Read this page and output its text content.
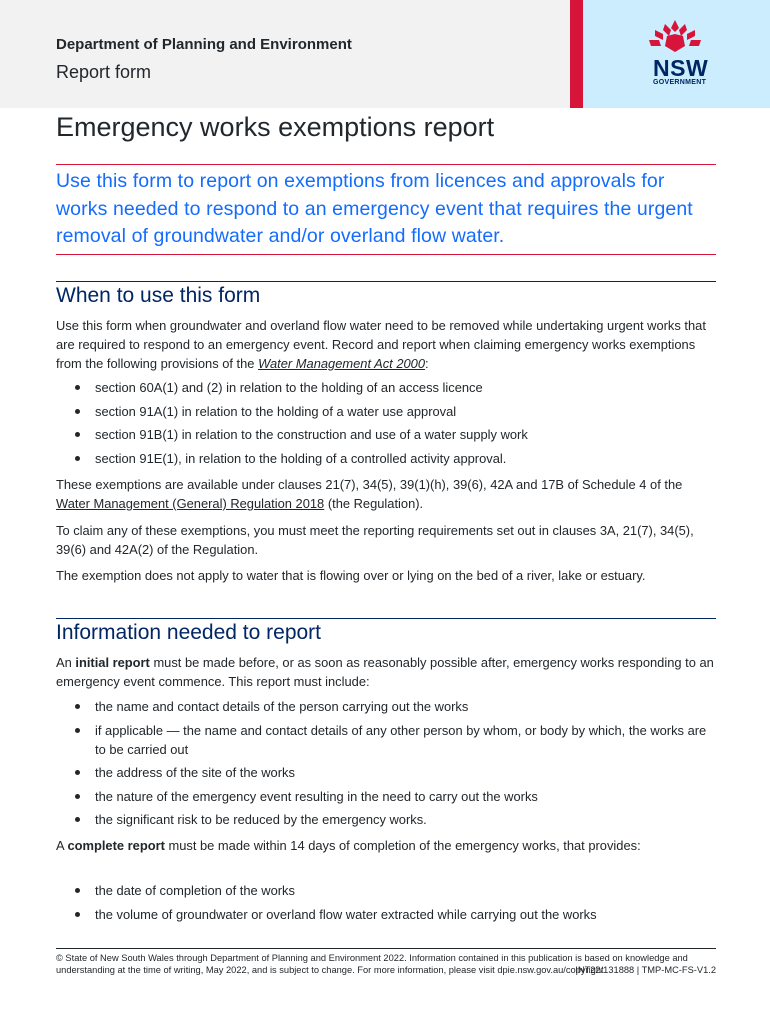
Department of Planning and Environment
Report form	NSW
GOVERNMENT
Emergency works exemptions report
Use this form to report on exemptions from licences and approvals for works needed to respond to an emergency event that requires the urgent removal of groundwater and/or overland flow water.
When to use this form

Use this form when groundwater and overland flow water need to be removed while undertaking urgent works that are required to respond to an emergency event. Record and report when claiming emergency works exemptions from the following provisions of the Water Management Act 2000:

section 60A(1) and (2) in relation to the holding of an access licence
section 91A(1) in relation to the holding of a water use approval
section 91B(1) in relation to the construction and use of a water supply work
section 91E(1), in relation to the holding of a controlled activity approval.

These exemptions are available under clauses 21(7), 34(5), 39(1)(h), 39(6), 42A and 17B of Schedule 4 of the Water Management (General) Regulation 2018 (the Regulation).

To claim any of these exemptions, you must meet the reporting requirements set out in clauses 3A, 21(7), 34(5), 39(6) and 42A(2) of the Regulation.

The exemption does not apply to water that is flowing over or lying on the bed of a river, lake or estuary.

Information needed to report

An initial report must be made before, or as soon as reasonably possible after, emergency works responding to an emergency event commence. This report must include:

the name and contact details of the person carrying out the works
if applicable — the name and contact details of any other person by whom, or body by which, the works are to be carried out
the address of the site of the works
the nature of the emergency event resulting in the need to carry out the works
the significant risk to be reduced by the emergency works.

A complete report must be made within 14 days of completion of the emergency works, that provides:

the date of completion of the works
the volume of groundwater or overland flow water extracted while carrying out the works
© State of New South Wales through Department of Planning and Environment 2022. Information contained in this publication is based on knowledge and understanding at the time of writing, May 2022, and is subject to change. For more information, please visit dpie.nsw.gov.au/copyright
INT22/131888 | TMP-MC-FS-V1.2
